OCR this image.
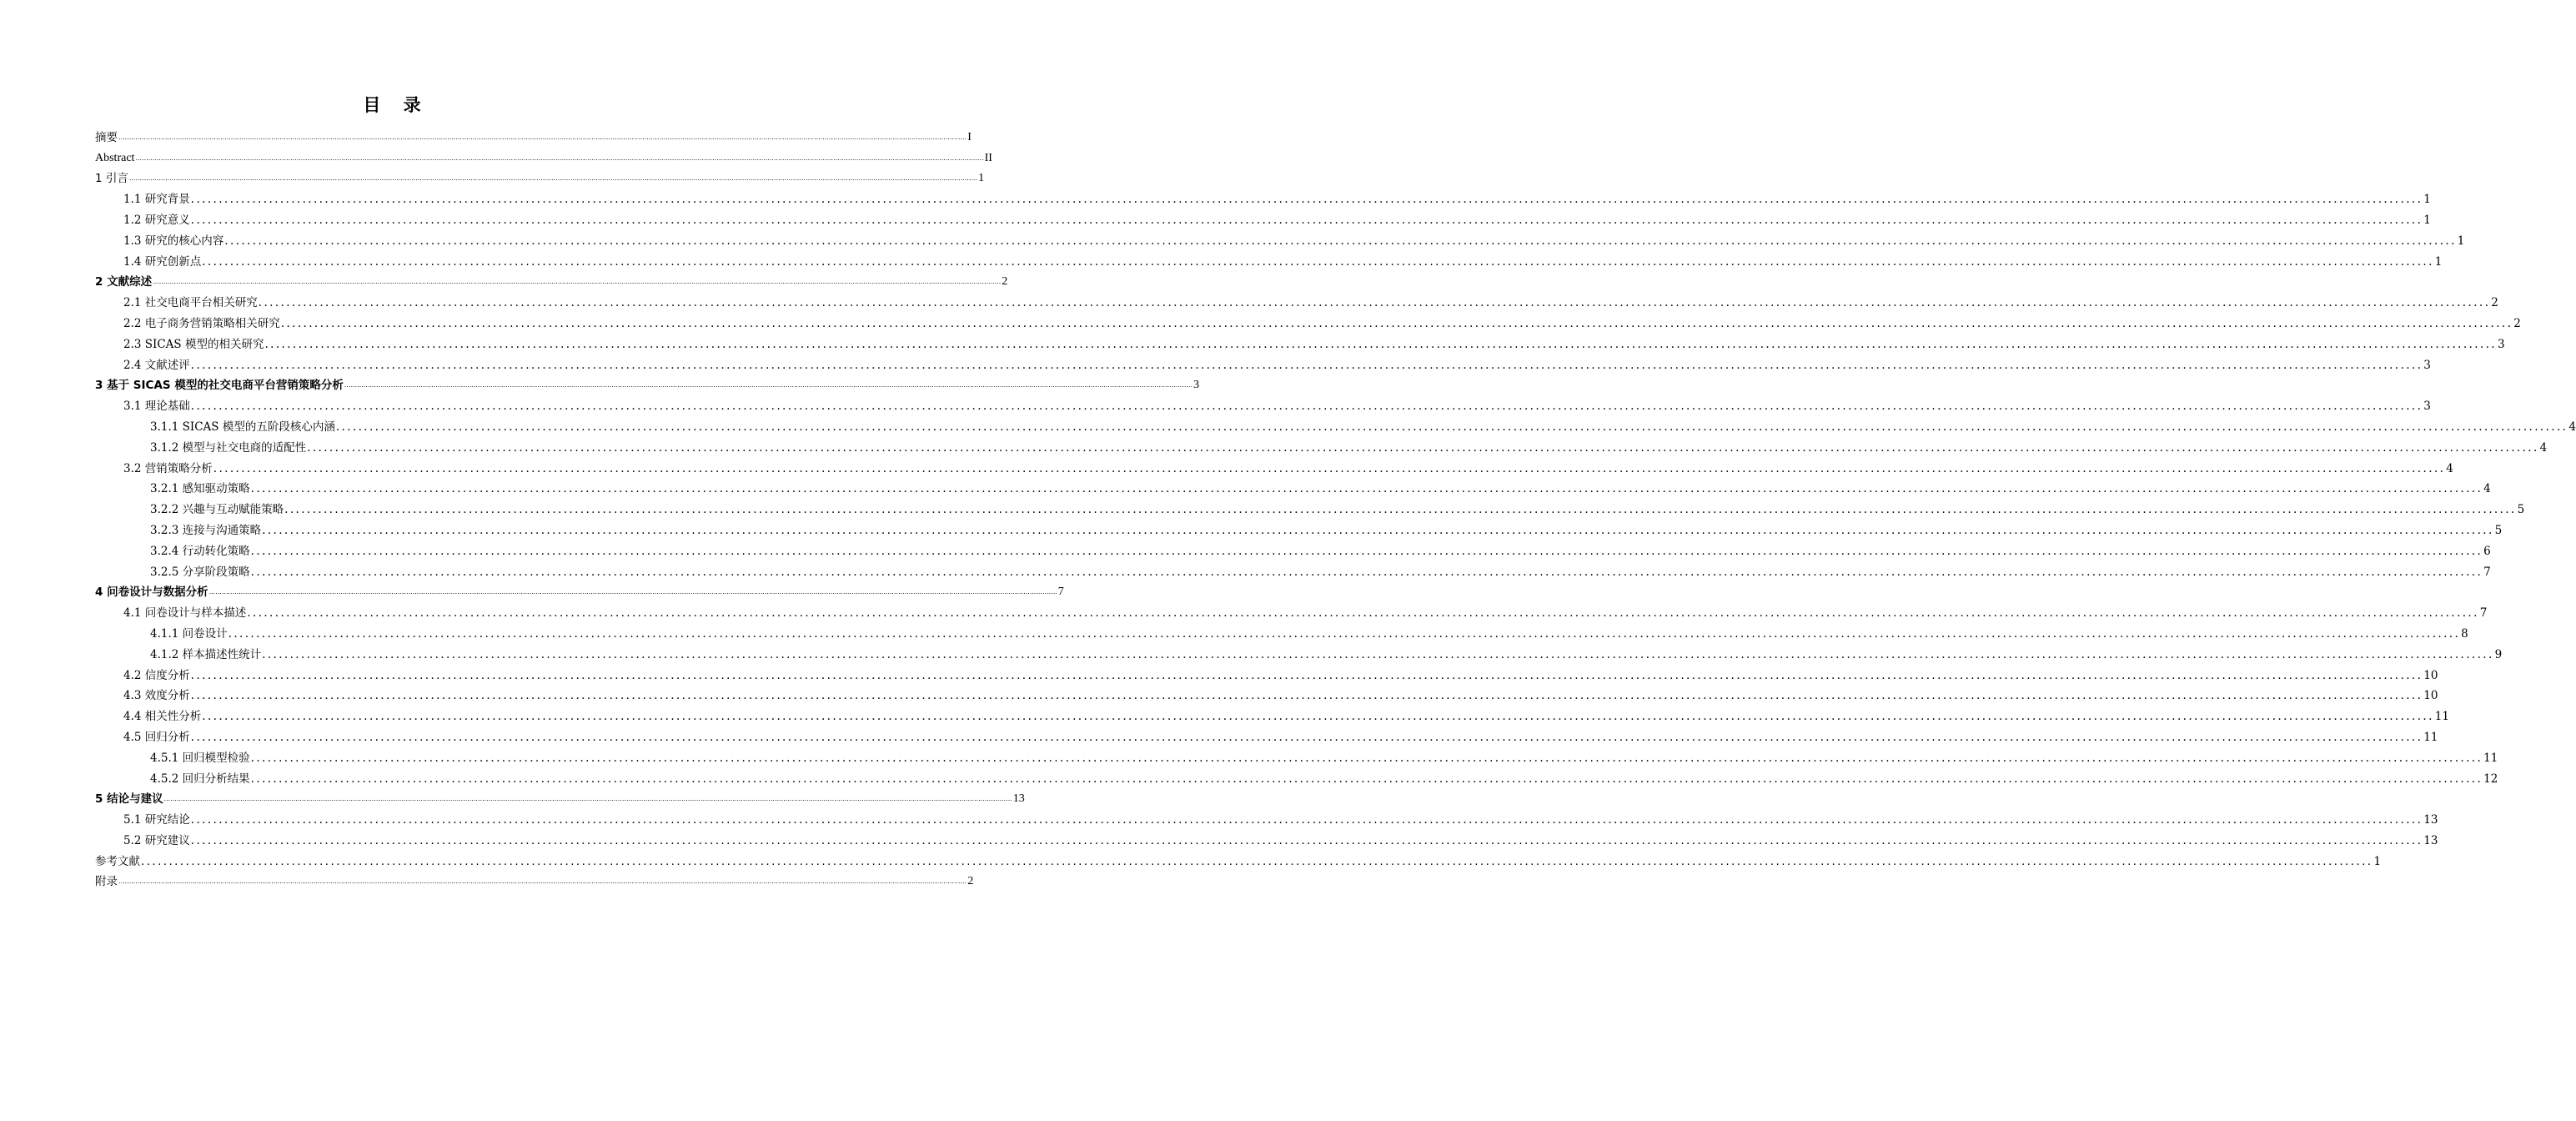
目 录
摘要 ................................................................................................................................................................................................................................................................................................................................................................................................................ I
Abstract ................................................................................................................................................................................................................................................................................................................................................................................................................ II
1 引言 ................................................................................................................................................................................................................................................................................................................................................................................................................ 1
1.1 研究背景 ................................................................................................................................................................................................................................................................................................................................................................................................................ 1
1.2 研究意义 ................................................................................................................................................................................................................................................................................................................................................................................................................ 1
1.3 研究的核心内容 ................................................................................................................................................................................................................................................................................................................................................................................................................ 1
1.4 研究创新点 ................................................................................................................................................................................................................................................................................................................................................................................................................ 1
2 文献综述 ................................................................................................................................................................................................................................................................................................................................................................................................................ 2
2.1 社交电商平台相关研究 ................................................................................................................................................................................................................................................................................................................................................................................................................ 2
2.2 电子商务营销策略相关研究 ................................................................................................................................................................................................................................................................................................................................................................................................................ 2
2.3 SICAS 模型的相关研究 ................................................................................................................................................................................................................................................................................................................................................................................................................ 3
2.4 文献述评 ................................................................................................................................................................................................................................................................................................................................................................................................................ 3
3 基于 SICAS 模型的社交电商平台营销策略分析 ................................................................................................................................................................................................................................................................................................................................................................................................................ 3
3.1 理论基础 ................................................................................................................................................................................................................................................................................................................................................................................................................ 3
3.1.1 SICAS 模型的五阶段核心内涵 ................................................................................................................................................................................................................................................................................................................................................................................................................ 4
3.1.2 模型与社交电商的适配性 ................................................................................................................................................................................................................................................................................................................................................................................................................ 4
3.2 营销策略分析 ................................................................................................................................................................................................................................................................................................................................................................................................................ 4
3.2.1 感知驱动策略 ................................................................................................................................................................................................................................................................................................................................................................................................................ 4
3.2.2 兴趣与互动赋能策略 ................................................................................................................................................................................................................................................................................................................................................................................................................ 5
3.2.3 连接与沟通策略 ................................................................................................................................................................................................................................................................................................................................................................................................................ 5
3.2.4 行动转化策略 ................................................................................................................................................................................................................................................................................................................................................................................................................ 6
3.2.5 分享阶段策略 ................................................................................................................................................................................................................................................................................................................................................................................................................ 7
4 问卷设计与数据分析 ................................................................................................................................................................................................................................................................................................................................................................................................................ 7
4.1 问卷设计与样本描述 ................................................................................................................................................................................................................................................................................................................................................................................................................ 7
4.1.1 问卷设计 ................................................................................................................................................................................................................................................................................................................................................................................................................ 8
4.1.2 样本描述性统计 ................................................................................................................................................................................................................................................................................................................................................................................................................ 9
4.2 信度分析 ................................................................................................................................................................................................................................................................................................................................................................................................................ 10
4.3 效度分析 ................................................................................................................................................................................................................................................................................................................................................................................................................ 10
4.4 相关性分析 ................................................................................................................................................................................................................................................................................................................................................................................................................ 11
4.5 回归分析 ................................................................................................................................................................................................................................................................................................................................................................................................................ 11
4.5.1 回归模型检验 ................................................................................................................................................................................................................................................................................................................................................................................................................ 11
4.5.2 回归分析结果 ................................................................................................................................................................................................................................................................................................................................................................................................................ 12
5 结论与建议 ................................................................................................................................................................................................................................................................................................................................................................................................................ 13
5.1 研究结论 ................................................................................................................................................................................................................................................................................................................................................................................................................ 13
5.2 研究建议 ................................................................................................................................................................................................................................................................................................................................................................................................................ 13
参考文献 ................................................................................................................................................................................................................................................................................................................................................................................................................ 1
附录 ................................................................................................................................................................................................................................................................................................................................................................................................................ 2
